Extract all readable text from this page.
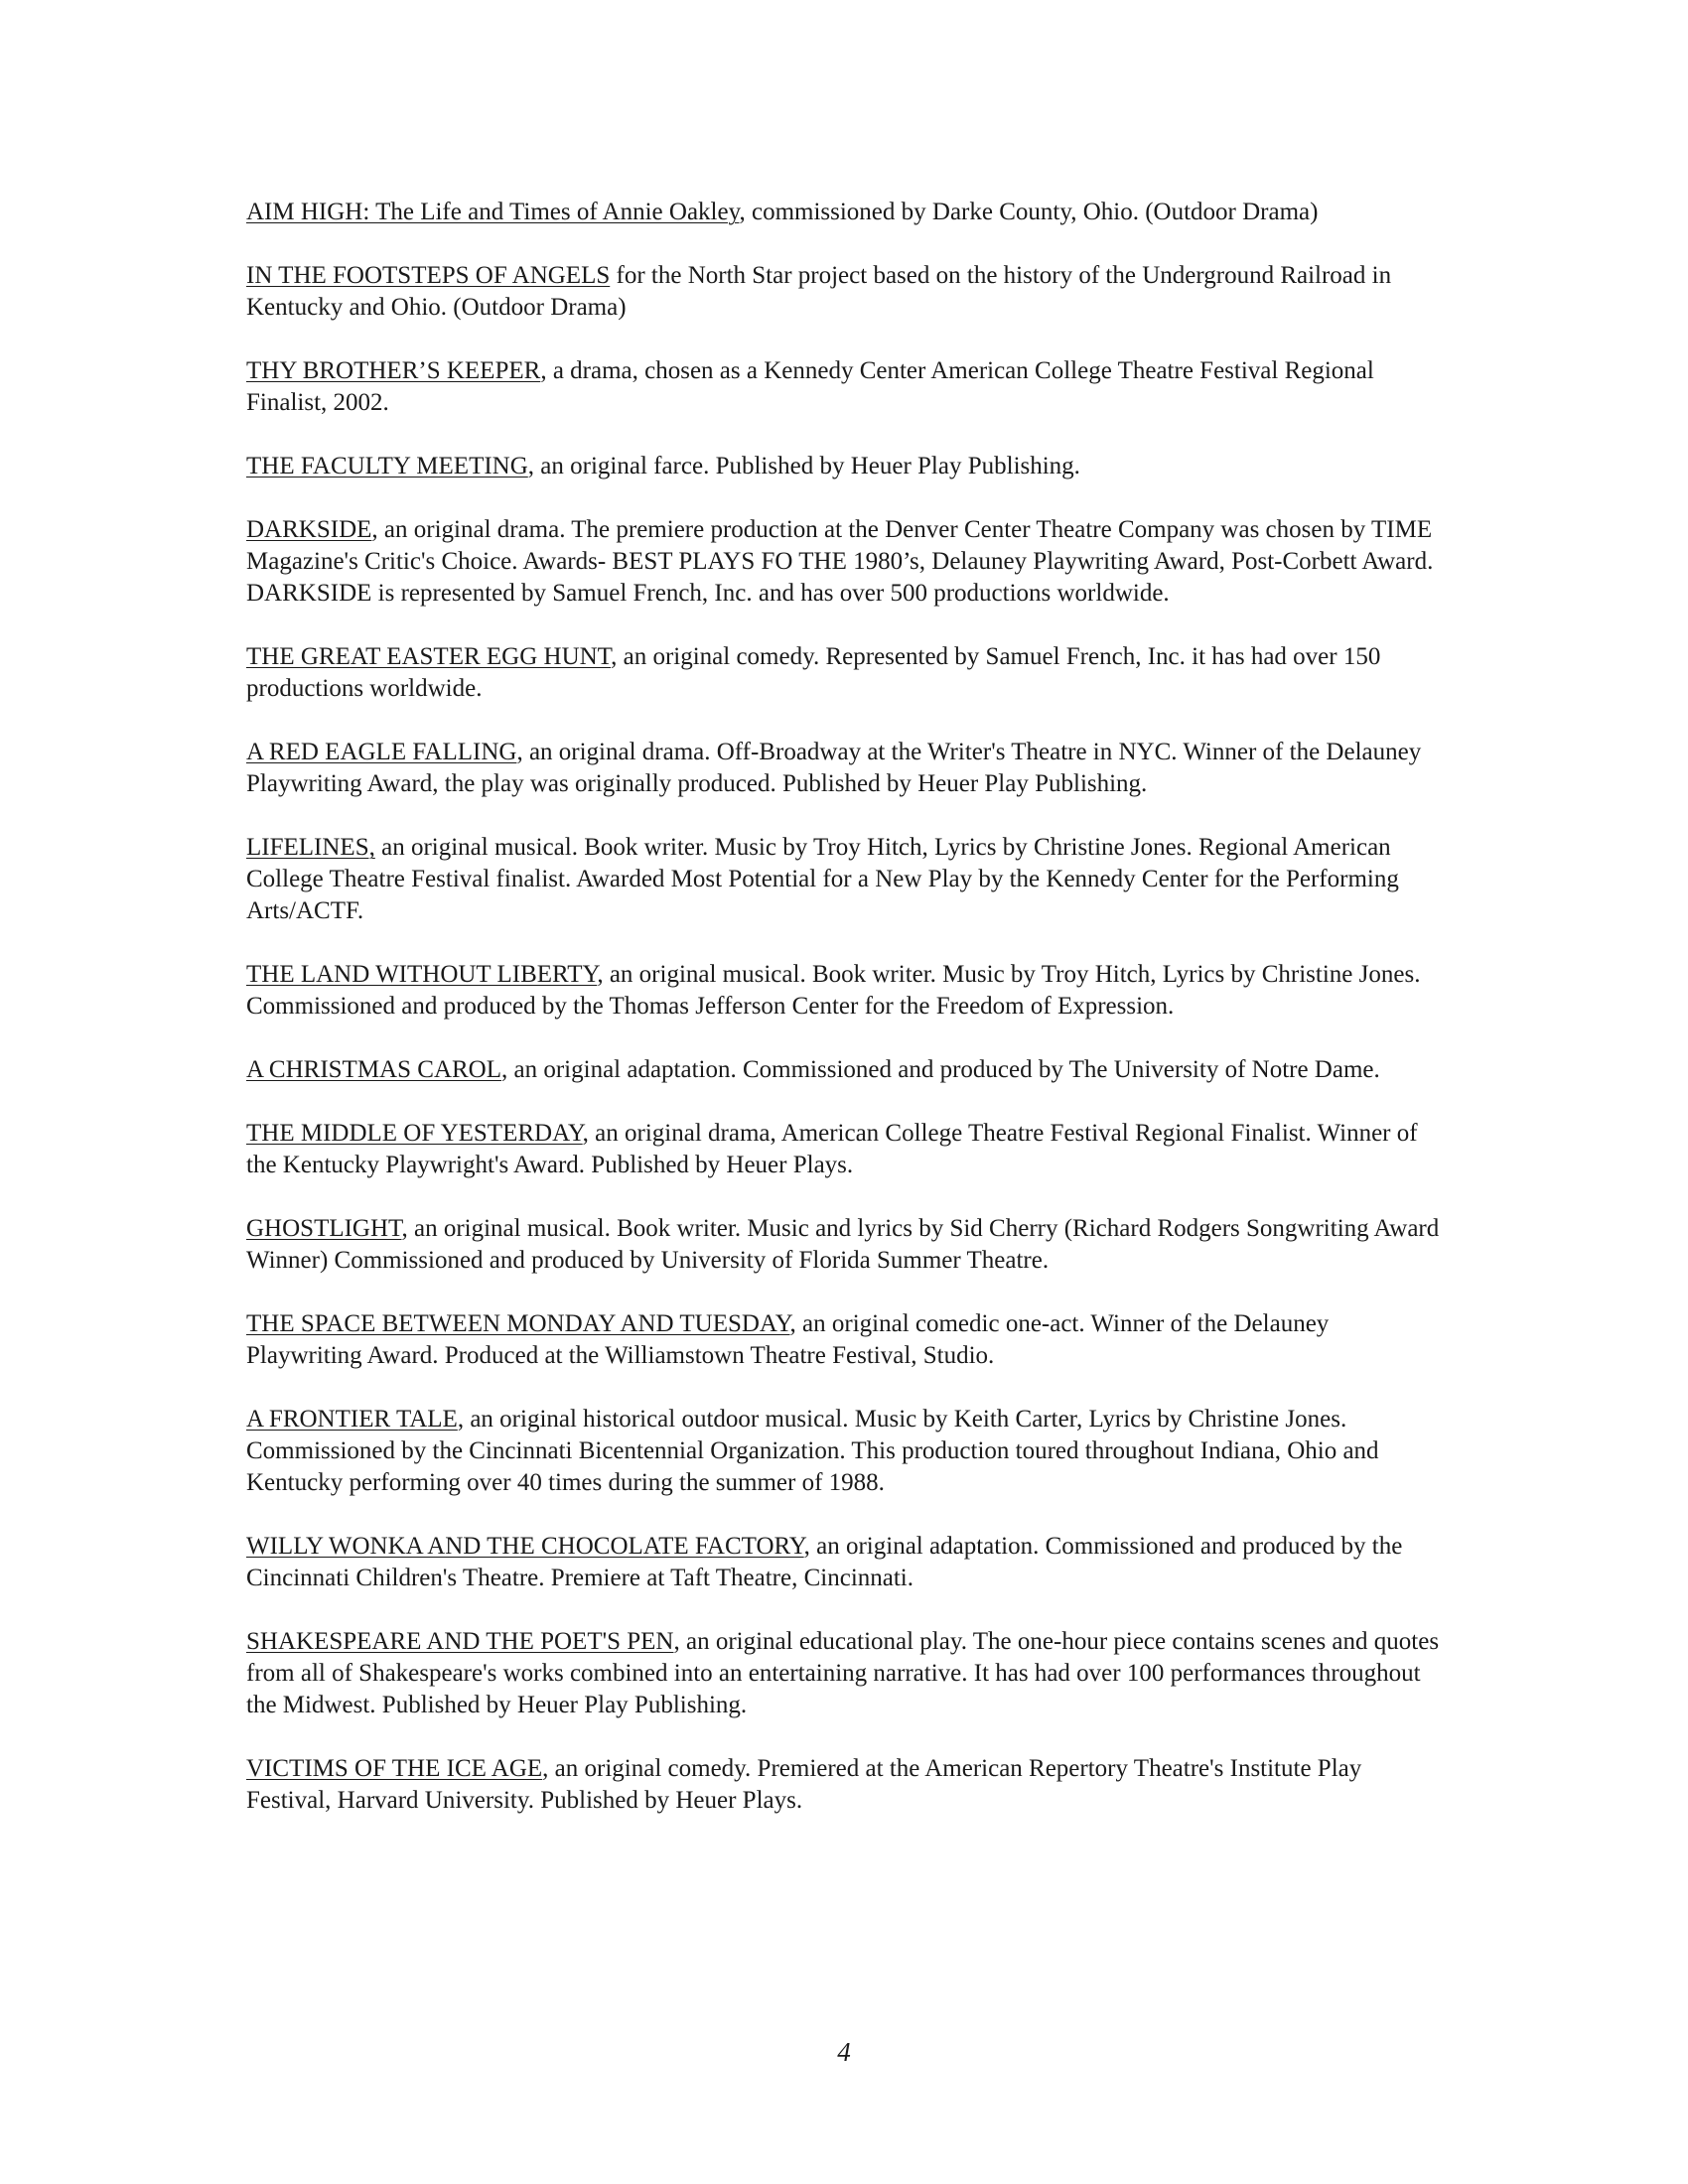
AIM HIGH: The Life and Times of Annie Oakley, commissioned by Darke County, Ohio. (Outdoor Drama)

IN THE FOOTSTEPS OF ANGELS for the North Star project based on the history of the Underground Railroad in Kentucky and Ohio. (Outdoor Drama)

THY BROTHER’S KEEPER, a drama, chosen as a Kennedy Center American College Theatre Festival Regional Finalist, 2002.

THE FACULTY MEETING, an original farce. Published by Heuer Play Publishing.

DARKSIDE, an original drama. The premiere production at the Denver Center Theatre Company was chosen by TIME Magazine's Critic's Choice. Awards- BEST PLAYS FO THE 1980’s, Delauney Playwriting Award, Post-Corbett Award. DARKSIDE is represented by Samuel French, Inc. and has over 500 productions worldwide.

THE GREAT EASTER EGG HUNT, an original comedy. Represented by Samuel French, Inc. it has had over 150 productions worldwide.

A RED EAGLE FALLING, an original drama. Off-Broadway at the Writer's Theatre in NYC. Winner of the Delauney Playwriting Award, the play was originally produced. Published by Heuer Play Publishing.

LIFELINES, an original musical. Book writer. Music by Troy Hitch, Lyrics by Christine Jones. Regional American College Theatre Festival finalist. Awarded Most Potential for a New Play by the Kennedy Center for the Performing Arts/ACTF.

THE LAND WITHOUT LIBERTY, an original musical. Book writer. Music by Troy Hitch, Lyrics by Christine Jones. Commissioned and produced by the Thomas Jefferson Center for the Freedom of Expression.

A CHRISTMAS CAROL, an original adaptation. Commissioned and produced by The University of Notre Dame.

THE MIDDLE OF YESTERDAY, an original drama, American College Theatre Festival Regional Finalist. Winner of the Kentucky Playwright's Award. Published by Heuer Plays.

GHOSTLIGHT, an original musical. Book writer. Music and lyrics by Sid Cherry (Richard Rodgers Songwriting Award Winner) Commissioned and produced by University of Florida Summer Theatre.

THE SPACE BETWEEN MONDAY AND TUESDAY, an original comedic one-act. Winner of the Delauney Playwriting Award. Produced at the Williamstown Theatre Festival, Studio.

A FRONTIER TALE, an original historical outdoor musical. Music by Keith Carter, Lyrics by Christine Jones. Commissioned by the Cincinnati Bicentennial Organization. This production toured throughout Indiana, Ohio and Kentucky performing over 40 times during the summer of 1988.

WILLY WONKA AND THE CHOCOLATE FACTORY, an original adaptation. Commissioned and produced by the Cincinnati Children's Theatre. Premiere at Taft Theatre, Cincinnati.

SHAKESPEARE AND THE POET'S PEN, an original educational play. The one-hour piece contains scenes and quotes from all of Shakespeare's works combined into an entertaining narrative. It has had over 100 performances throughout the Midwest. Published by Heuer Play Publishing.

VICTIMS OF THE ICE AGE, an original comedy. Premiered at the American Repertory Theatre's Institute Play Festival, Harvard University. Published by Heuer Plays.

4
